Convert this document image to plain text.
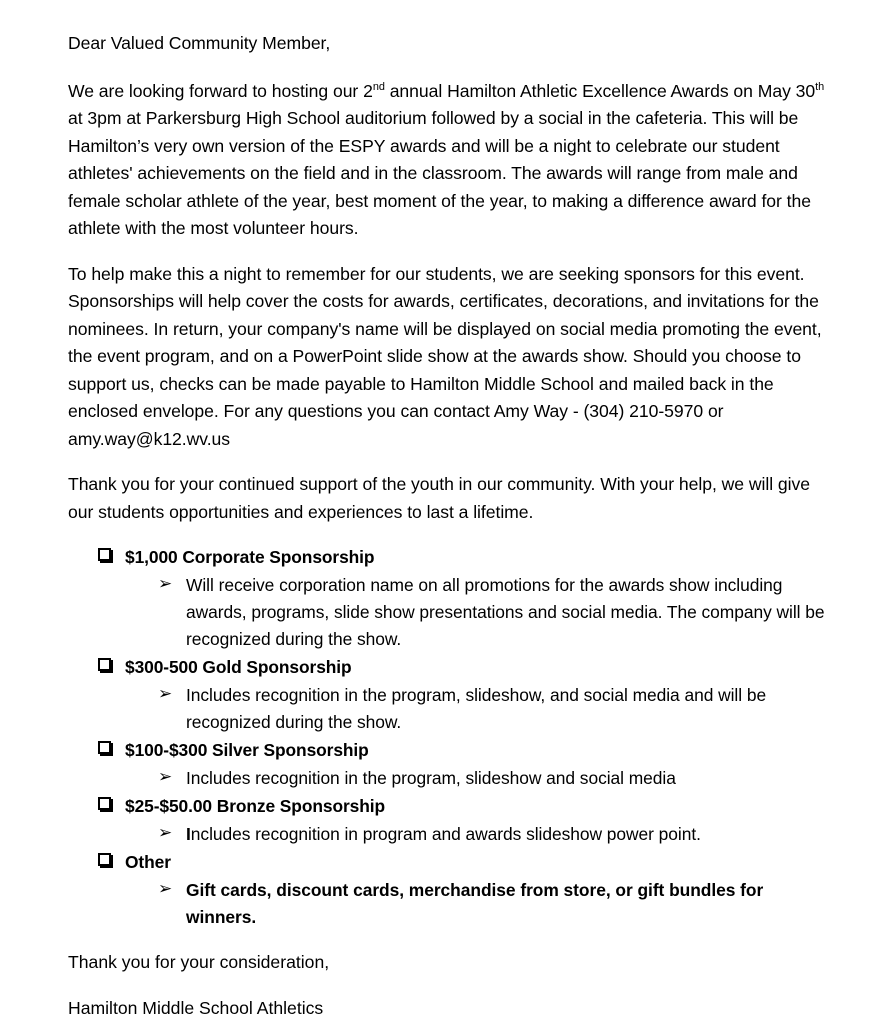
Dear Valued Community Member,

We are looking forward to hosting our 2nd annual Hamilton Athletic Excellence Awards on May 30th at 3pm at Parkersburg High School auditorium followed by a social in the cafeteria. This will be Hamilton’s very own version of the ESPY awards and will be a night to celebrate our student athletes' achievements on the field and in the classroom. The awards will range from male and female scholar athlete of the year, best moment of the year, to making a difference award for the athlete with the most volunteer hours.

To help make this a night to remember for our students, we are seeking sponsors for this event. Sponsorships will help cover the costs for awards, certificates, decorations, and invitations for the nominees. In return, your company's name will be displayed on social media promoting the event, the event program, and on a PowerPoint slide show at the awards show. Should you choose to support us, checks can be made payable to Hamilton Middle School and mailed back in the enclosed envelope. For any questions you can contact Amy Way - (304) 210-5970 or amy.way@k12.wv.us

Thank you for your continued support of the youth in our community. With your help, we will give our students opportunities and experiences to last a lifetime.

$1,000 Corporate Sponsorship
➢ Will receive corporation name on all promotions for the awards show including awards, programs, slide show presentations and social media. The company will be recognized during the show.
$300-500 Gold Sponsorship
➢ Includes recognition in the program, slideshow, and social media and will be recognized during the show.
$100-$300 Silver Sponsorship
➢ Includes recognition in the program, slideshow and social media
$25-$50.00 Bronze Sponsorship
➢ Includes recognition in program and awards slideshow power point.
Other
➢ Gift cards, discount cards, merchandise from store, or gift bundles for winners.

Thank you for your consideration,

Hamilton Middle School Athletics
